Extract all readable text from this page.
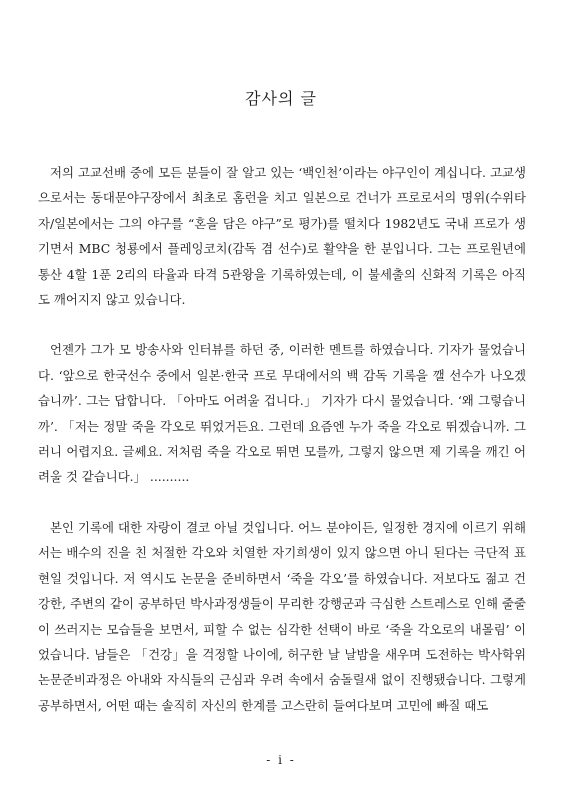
감사의 글

저의 고교선배 중에 모든 분들이 잘 알고 있는 ‘백인천’이라는 야구인이 계십니다. 고교생으로서는 동대문야구장에서 최초로 홈런을 치고 일본으로 건너가 프로로서의 명위(수위타자/일본에서는 그의 야구를 “혼을 담은 야구”로 평가)를 떨치다 1982년도 국내 프로가 생기면서 MBC 청룡에서 플레잉코치(감독 겸 선수)로 활약을 한 분입니다. 그는 프로원년에 통산 4할 1푼 2리의 타율과 타격 5관왕을 기록하였는데, 이 불세출의 신화적 기록은 아직도 깨어지지 않고 있습니다.

언젠가 그가 모 방송사와 인터뷰를 하던 중, 이러한 멘트를 하였습니다. 기자가 물었습니다. ‘앞으로 한국선수 중에서 일본·한국 프로 무대에서의 백 감독 기록을 깰 선수가 나오겠습니까’. 그는 답합니다. 「아마도 어려울 겁니다.」 기자가 다시 물었습니다. ‘왜 그렇습니까’. 「저는 정말 죽을 각오로 뛰었거든요. 그런데 요즘엔 누가 죽을 각오로 뛰겠습니까. 그러니 어렵지요. 글쎄요. 저처럼 죽을 각오로 뛰면 모를까, 그렇지 않으면 제 기록을 깨긴 어려울 것 같습니다.」 ..........

본인 기록에 대한 자랑이 결코 아닐 것입니다. 어느 분야이든, 일정한 경지에 이르기 위해서는 배수의 진을 친 처절한 각오와 치열한 자기희생이 있지 않으면 아니 된다는 극단적 표현일 것입니다. 저 역시도 논문을 준비하면서 ‘죽을 각오’를 하였습니다. 저보다도 젊고 건강한, 주변의 같이 공부하던 박사과정생들이 무리한 강행군과 극심한 스트레스로 인해 줄줄이 쓰러지는 모습들을 보면서, 피할 수 없는 심각한 선택이 바로 ‘죽을 각오로의 내몰림’ 이었습니다. 남들은 「건강」을 걱정할 나이에, 허구한 날 날밤을 새우며 도전하는 박사학위 논문준비과정은 아내와 자식들의 근심과 우려 속에서 숨돌릴새 없이 진행됐습니다. 그렇게 공부하면서, 어떤 때는 솔직히 자신의 한계를 고스란히 들여다보며 고민에 빠질 때도

- i -
